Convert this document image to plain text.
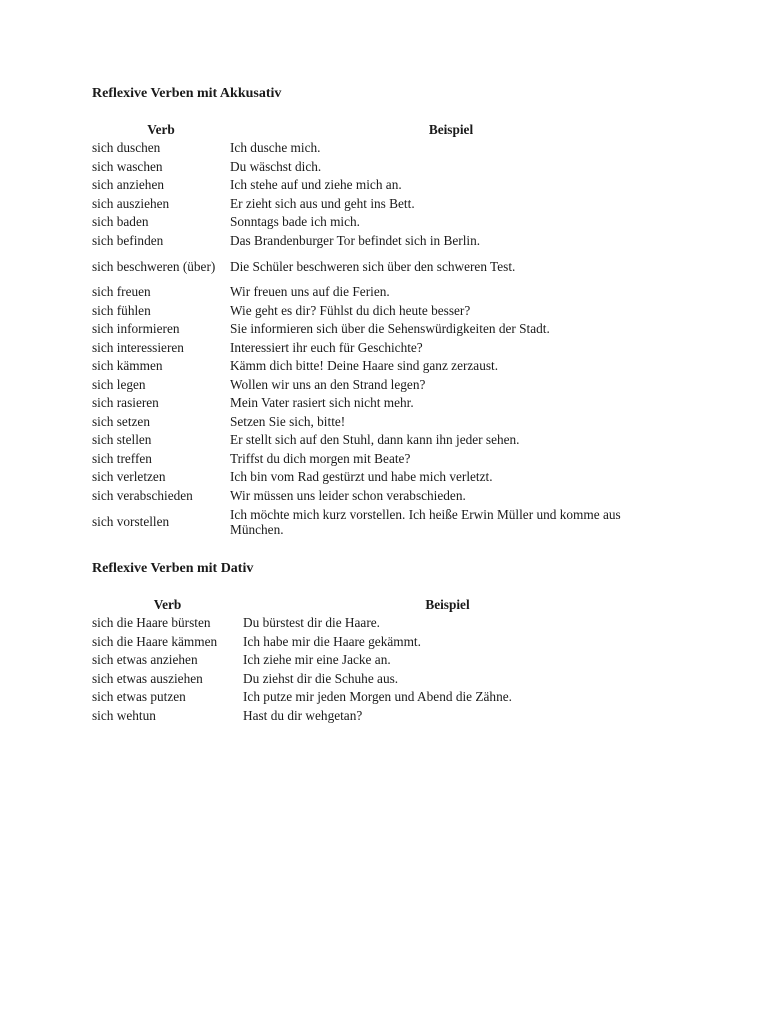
Reflexive Verben mit Akkusativ
Verb	Beispiel
sich duschen	Ich dusche mich.
sich waschen	Du wäschst dich.
sich anziehen	Ich stehe auf und ziehe mich an.
sich ausziehen	Er zieht sich aus und geht ins Bett.
sich baden	Sonntags bade ich mich.
sich befinden	Das Brandenburger Tor befindet sich in Berlin.
sich beschweren (über)	Die Schüler beschweren sich über den schweren Test.
sich freuen	Wir freuen uns auf die Ferien.
sich fühlen	Wie geht es dir? Fühlst du dich heute besser?
sich informieren	Sie informieren sich über die Sehenswürdigkeiten der Stadt.
sich interessieren	Interessiert ihr euch für Geschichte?
sich kämmen	Kämm dich bitte! Deine Haare sind ganz zerzaust.
sich legen	Wollen wir uns an den Strand legen?
sich rasieren	Mein Vater rasiert sich nicht mehr.
sich setzen	Setzen Sie sich, bitte!
sich stellen	Er stellt sich auf den Stuhl, dann kann ihn jeder sehen.
sich treffen	Triffst du dich morgen mit Beate?
sich verletzen	Ich bin vom Rad gestürzt und habe mich verletzt.
sich verabschieden	Wir müssen uns leider schon verabschieden.
sich vorstellen	Ich möchte mich kurz vorstellen. Ich heiße Erwin Müller und komme aus München.
Reflexive Verben mit Dativ
Verb	Beispiel
sich die Haare bürsten	Du bürstest dir die Haare.
sich die Haare kämmen	Ich habe mir die Haare gekämmt.
sich etwas anziehen	Ich ziehe mir eine Jacke an.
sich etwas ausziehen	Du ziehst dir die Schuhe aus.
sich etwas putzen	Ich putze mir jeden Morgen und Abend die Zähne.
sich wehtun	Hast du dir wehgetan?
